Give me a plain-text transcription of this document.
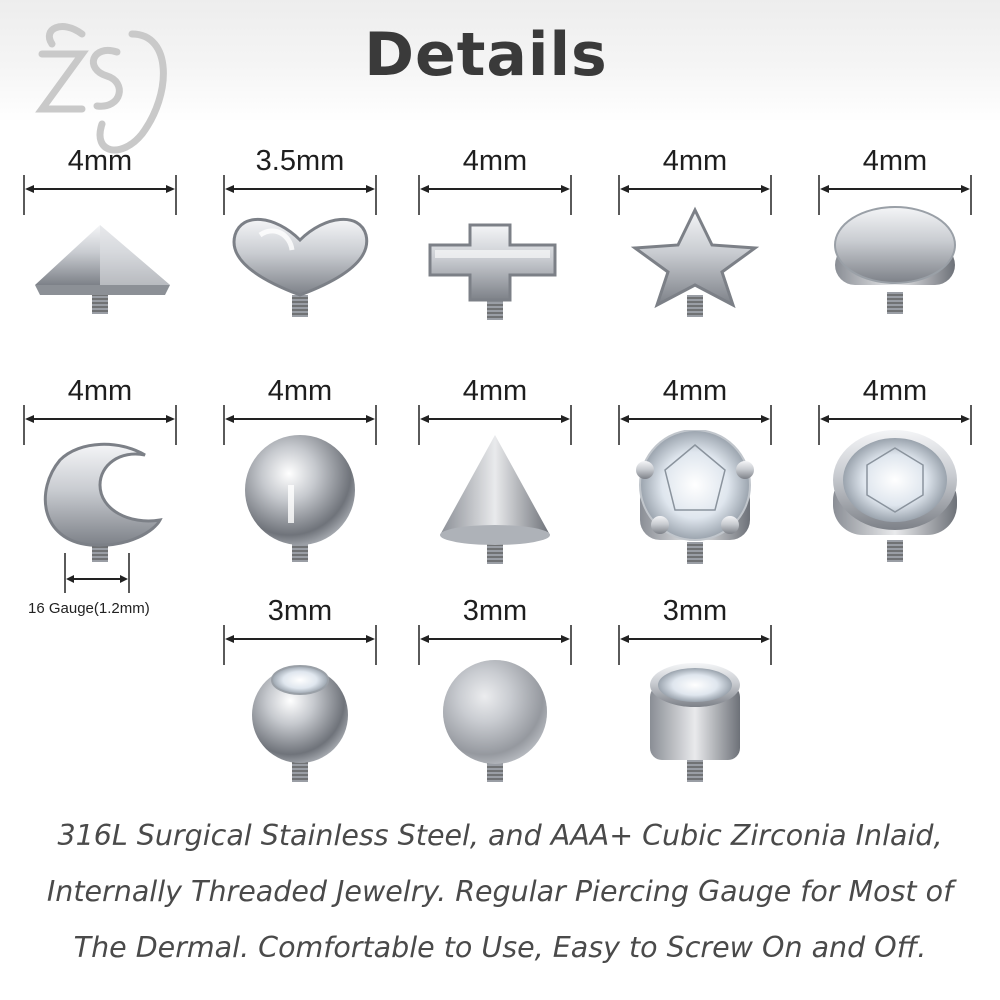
Details
4mm	3.5mm	4mm	4mm	4mm
4mm	4mm	4mm	4mm	4mm
3mm	3mm	3mm
16 Gauge(1.2mm)
316L Surgical Stainless Steel, and AAA+ Cubic Zirconia Inlaid,
Internally Threaded Jewelry. Regular Piercing Gauge for Most of
The Dermal. Comfortable to Use, Easy to Screw On and Off.
